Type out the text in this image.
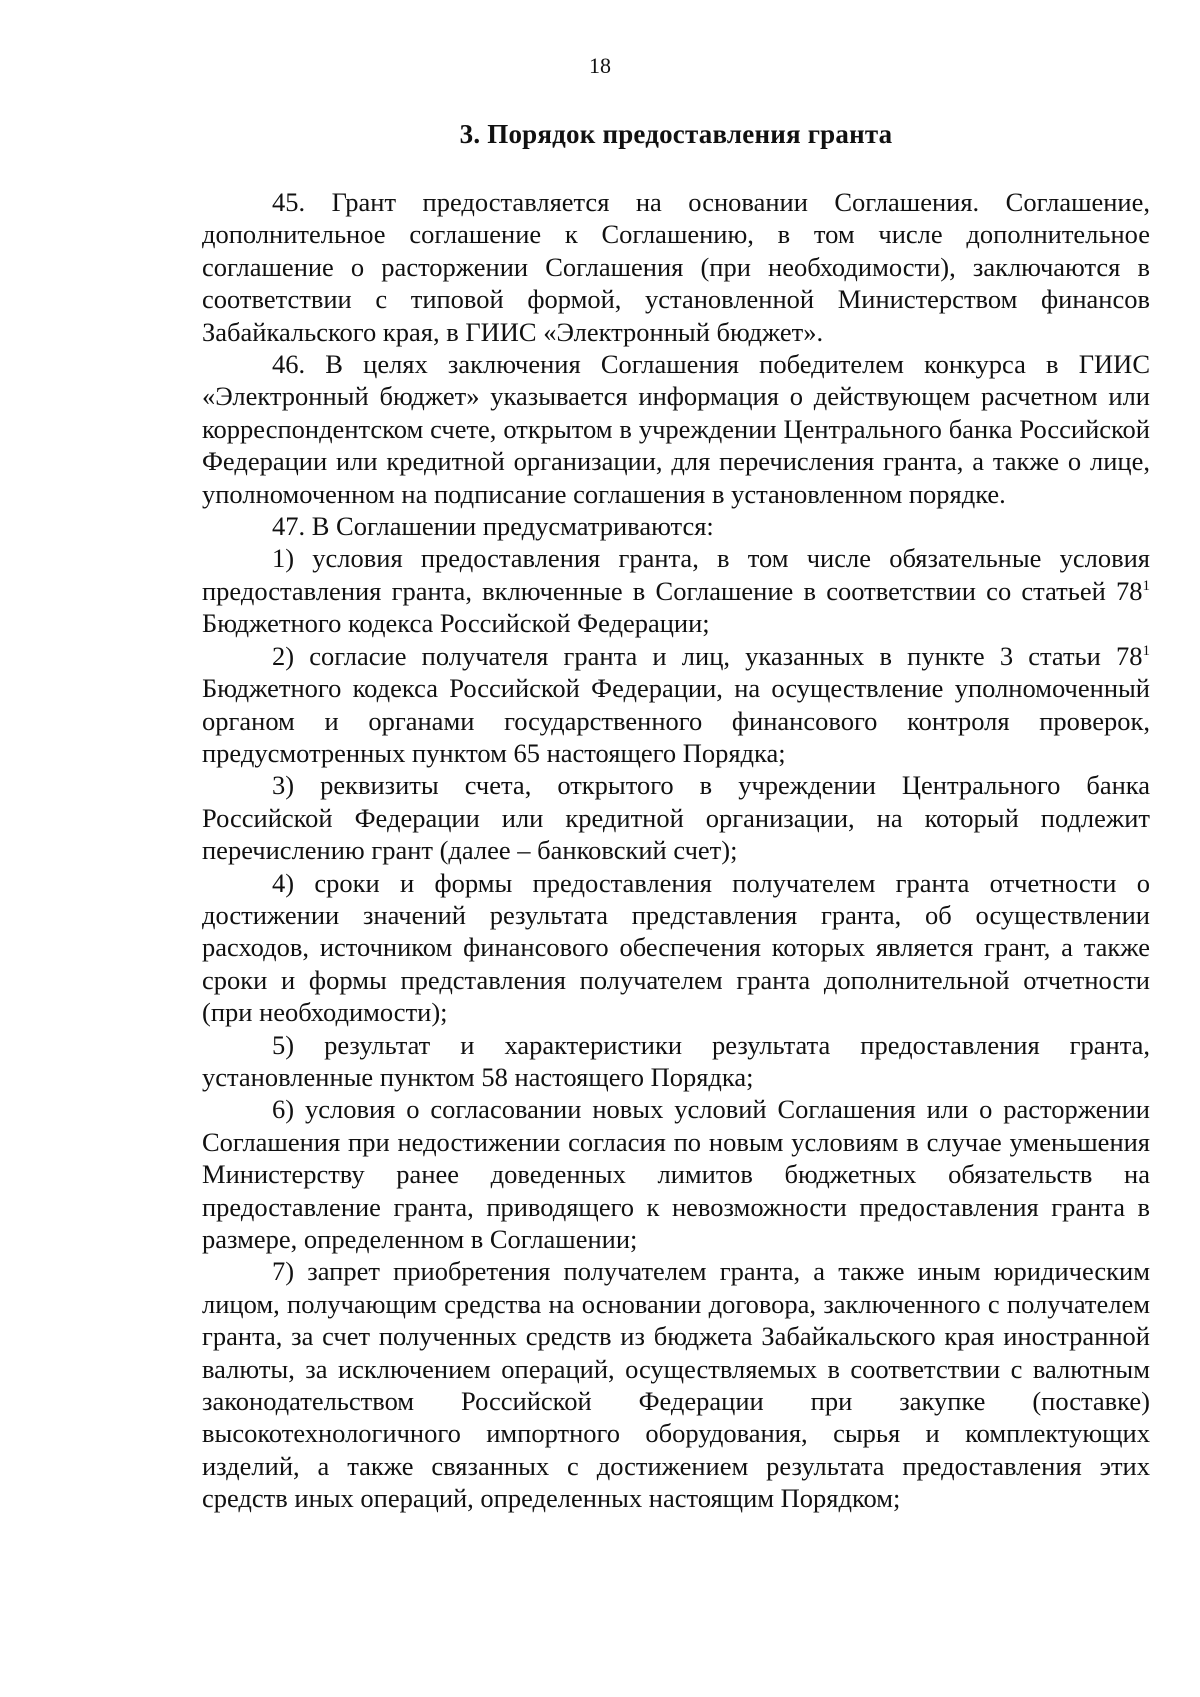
18
3. Порядок предоставления гранта

45. Грант предоставляется на основании Соглашения. Соглашение, дополнительное соглашение к Соглашению, в том числе дополнительное соглашение о расторжении Соглашения (при необходимости), заключаются в соответствии с типовой формой, установленной Министерством финансов Забайкальского края, в ГИИС «Электронный бюджет».

46. В целях заключения Соглашения победителем конкурса в ГИИС «Электронный бюджет» указывается информация о действующем расчетном или корреспондентском счете, открытом в учреждении Центрального банка Российской Федерации или кредитной организации, для перечисления гранта, а также о лице, уполномоченном на подписание соглашения в установленном порядке.

47. В Соглашении предусматриваются:

1) условия предоставления гранта, в том числе обязательные условия предоставления гранта, включенные в Соглашение в соответствии со статьей $78^1$ Бюджетного кодекса Российской Федерации;

2) согласие получателя гранта и лиц, указанных в пункте 3 статьи $78^1$ Бюджетного кодекса Российской Федерации, на осуществление уполномоченный органом и органами государственного финансового контроля проверок, предусмотренных пунктом 65 настоящего Порядка;

3) реквизиты счета, открытого в учреждении Центрального банка Российской Федерации или кредитной организации, на который подлежит перечислению грант (далее – банковский счет);

4) сроки и формы предоставления получателем гранта отчетности о достижении значений результата представления гранта, об осуществлении расходов, источником финансового обеспечения которых является грант, а также сроки и формы представления получателем гранта дополнительной отчетности (при необходимости);

5) результат и характеристики результата предоставления гранта, установленные пунктом 58 настоящего Порядка;

6) условия о согласовании новых условий Соглашения или о расторжении Соглашения при недостижении согласия по новым условиям в случае уменьшения Министерству ранее доведенных лимитов бюджетных обязательств на предоставление гранта, приводящего к невозможности предоставления гранта в размере, определенном в Соглашении;

7) запрет приобретения получателем гранта, а также иным юридическим лицом, получающим средства на основании договора, заключенного с получателем гранта, за счет полученных средств из бюджета Забайкальского края иностранной валюты, за исключением операций, осуществляемых в соответствии с валютным законодательством Российской Федерации при закупке (поставке) высокотехнологичного импортного оборудования, сырья и комплектующих изделий, а также связанных с достижением результата предоставления этих средств иных операций, определенных настоящим Порядком;
